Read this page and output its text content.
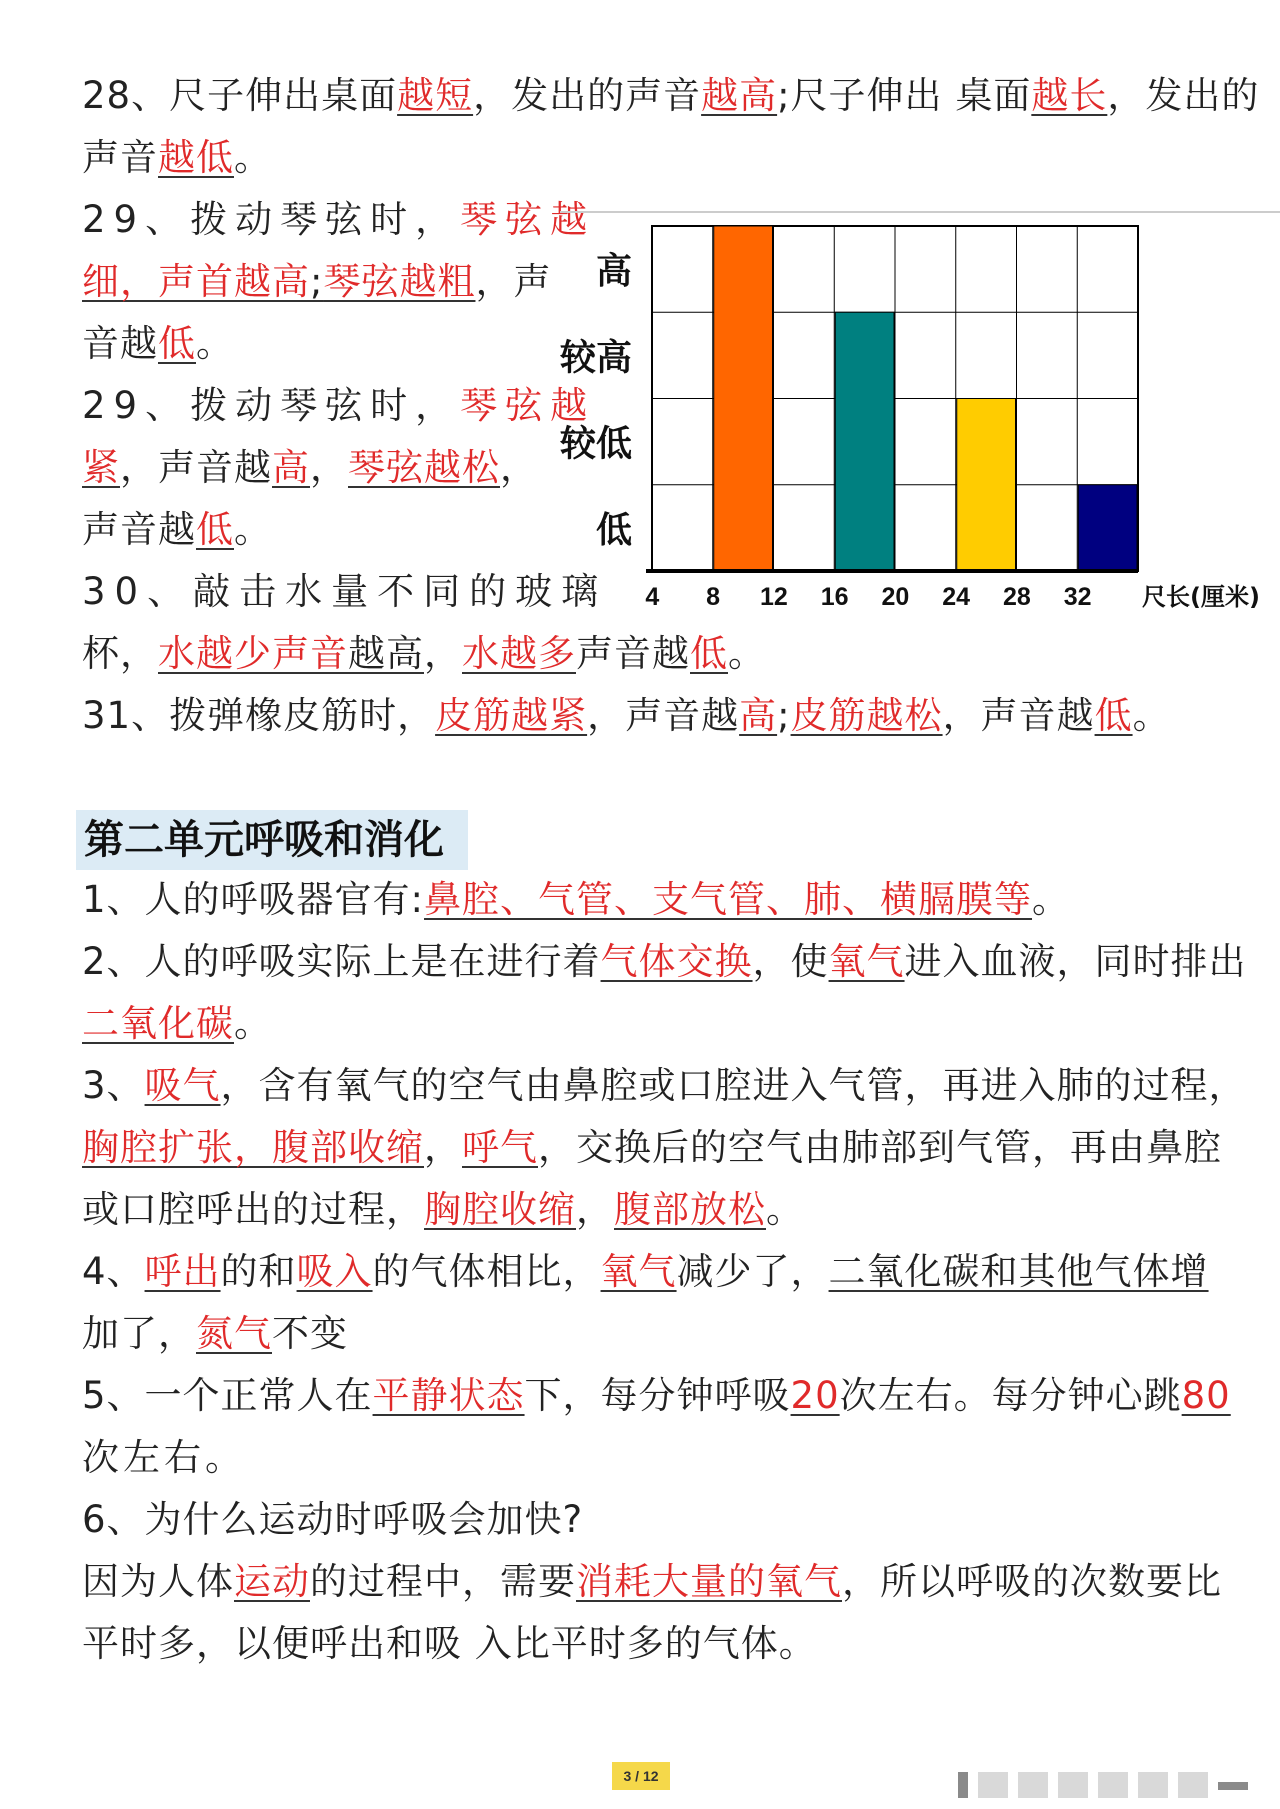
28、尺子伸出桌面越短，发出的声音越高;尺子伸出 桌面越长，发出的
声音越低。
29、拨动琴弦时，琴弦越
细，声首越高;琴弦越粗，声
音越低。
29、拨动琴弦时，琴弦越
紧，声音越高，琴弦越松，
声音越低。
30、敲击水量不同的玻璃
杯，水越少声音越高，水越多声音越低。
31、拨弹橡皮筋时，皮筋越紧，声音越高;皮筋越松，声音越低。
低
较低
较高
高
4 8 12 16 20 24 28 32 尺长(厘米)
第二单元呼吸和消化
1、人的呼吸器官有:鼻腔、气管、支气管、肺、横膈膜等。
2、人的呼吸实际上是在进行着气体交换，使氧气进入血液，同时排出
二氧化碳。
3、吸气，含有氧气的空气由鼻腔或口腔进入气管，再进入肺的过程，
胸腔扩张，腹部收缩，呼气，交换后的空气由肺部到气管，再由鼻腔
或口腔呼出的过程，胸腔收缩，腹部放松。
4、呼出的和吸入的气体相比，氧气减少了，二氧化碳和其他气体增
加了，氮气不变
5、一个正常人在平静状态下，每分钟呼吸20次左右。每分钟心跳80
次左右。
6、为什么运动时呼吸会加快?
因为人体运动的过程中，需要消耗大量的氧气，所以呼吸的次数要比
平时多，以便呼出和吸 入比平时多的气体。
3 / 12
